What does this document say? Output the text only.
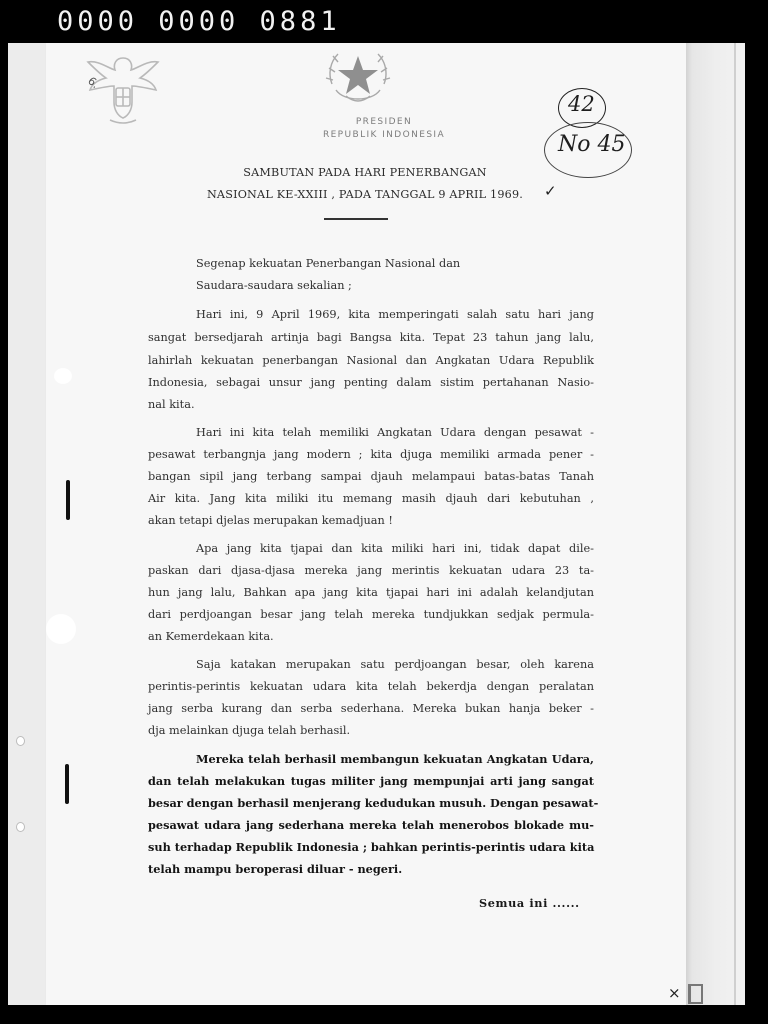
0000 0000 0881
6.
PRESIDEN
REPUBLIK INDONESIA
42
No 45
SAMBUTAN PADA HARI PENERBANGAN
NASIONAL KE-XXIII , PADA TANGGAL 9 APRIL 1969.	✓
Segenap kekuatan Penerbangan Nasional dan
Saudara-saudara sekalian ;
Hari ini, 9 April 1969, kita memperingati salah satu hari jang
sangat bersedjarah artinja bagi Bangsa kita. Tepat 23 tahun jang lalu,
lahirlah kekuatan penerbangan Nasional dan Angkatan Udara Republik
Indonesia, sebagai unsur jang penting dalam sistim pertahanan Nasio-
nal kita.
Hari ini kita telah memiliki Angkatan Udara dengan pesawat -
pesawat terbangnja jang modern ; kita djuga memiliki armada pener -
bangan sipil jang terbang sampai djauh melampaui batas-batas Tanah
Air kita. Jang kita miliki itu memang masih djauh dari kebutuhan ,
akan tetapi djelas merupakan kemadjuan !
Apa jang kita tjapai dan kita miliki hari ini, tidak dapat dile-
paskan dari djasa-djasa mereka jang merintis kekuatan udara 23 ta-
hun jang lalu, Bahkan apa jang kita tjapai hari ini adalah kelandjutan
dari perdjoangan besar jang telah mereka tundjukkan sedjak permula-
an Kemerdekaan kita.
Saja katakan merupakan satu perdjoangan besar, oleh karena
perintis-perintis kekuatan udara kita telah bekerdja dengan peralatan
jang serba kurang dan serba sederhana. Mereka bukan hanja beker -
dja melainkan djuga telah berhasil.
Mereka telah berhasil membangun kekuatan Angkatan Udara,
dan telah melakukan tugas militer jang mempunjai arti jang sangat
besar dengan berhasil menjerang kedudukan musuh. Dengan pesawat-
pesawat udara jang sederhana mereka telah menerobos blokade mu-
suh terhadap Republik Indonesia ; bahkan perintis-perintis udara kita
telah mampu beroperasi diluar - negeri.
Semua ini ......
×
